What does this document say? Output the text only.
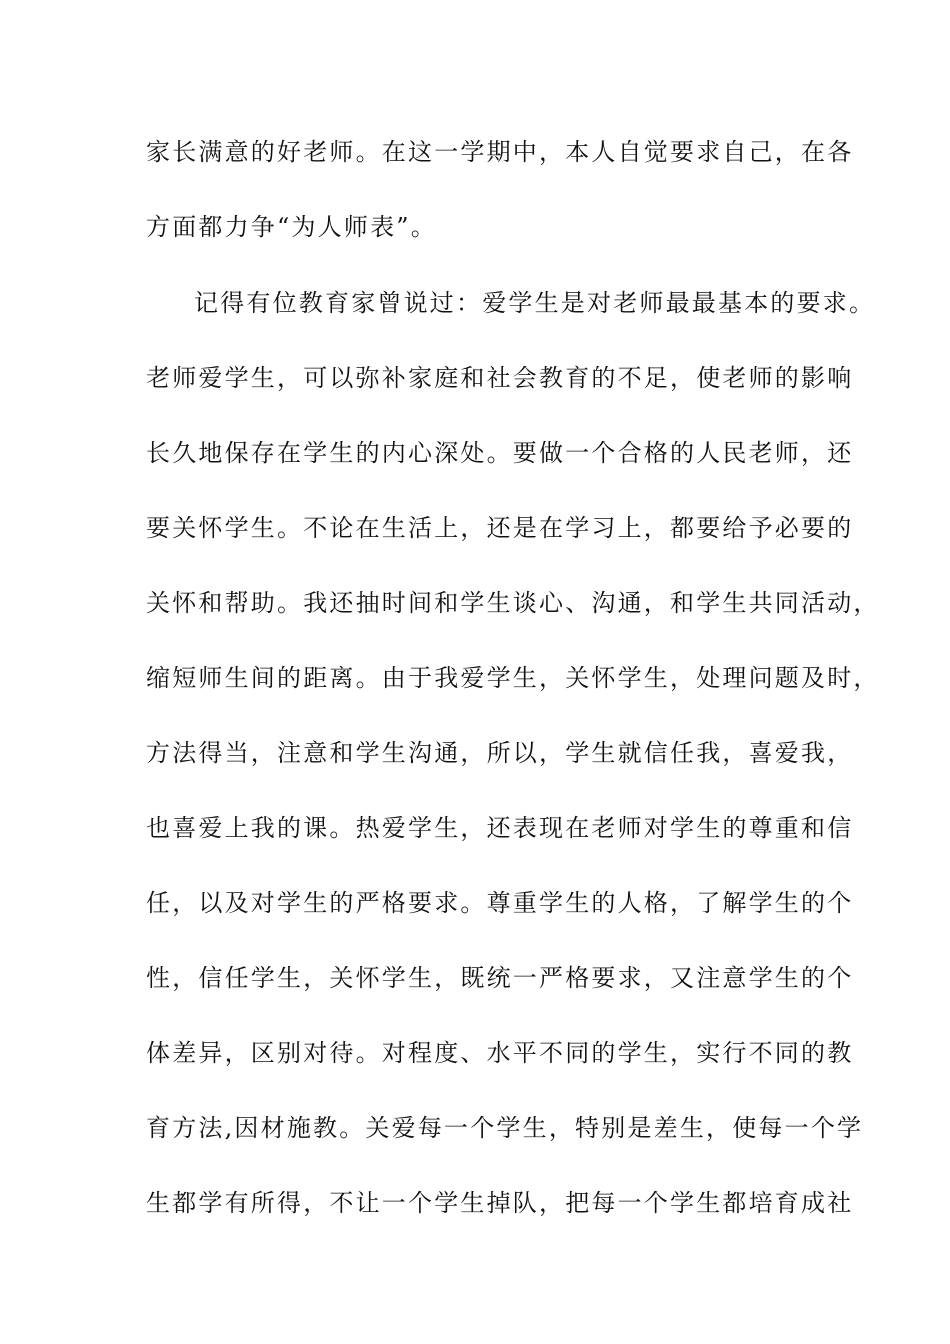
家长满意的好老师。在这一学期中，本人自觉要求自己，在各
方面都力争“为人师表”。
记得有位教育家曾说过：爱学生是对老师最最基本的要求。
老师爱学生，可以弥补家庭和社会教育的不足，使老师的影响
长久地保存在学生的内心深处。要做一个合格的人民老师，还
要关怀学生。不论在生活上，还是在学习上，都要给予必要的
关怀和帮助。我还抽时间和学生谈心、沟通，和学生共同活动，
缩短师生间的距离。由于我爱学生，关怀学生，处理问题及时，
方法得当，注意和学生沟通，所以，学生就信任我，喜爱我，
也喜爱上我的课。热爱学生，还表现在老师对学生的尊重和信
任，以及对学生的严格要求。尊重学生的人格，了解学生的个
性，信任学生，关怀学生，既统一严格要求，又注意学生的个
体差异，区别对待。对程度、水平不同的学生，实行不同的教
育方法,因材施教。关爱每一个学生，特别是差生，使每一个学
生都学有所得，不让一个学生掉队，把每一个学生都培育成社
